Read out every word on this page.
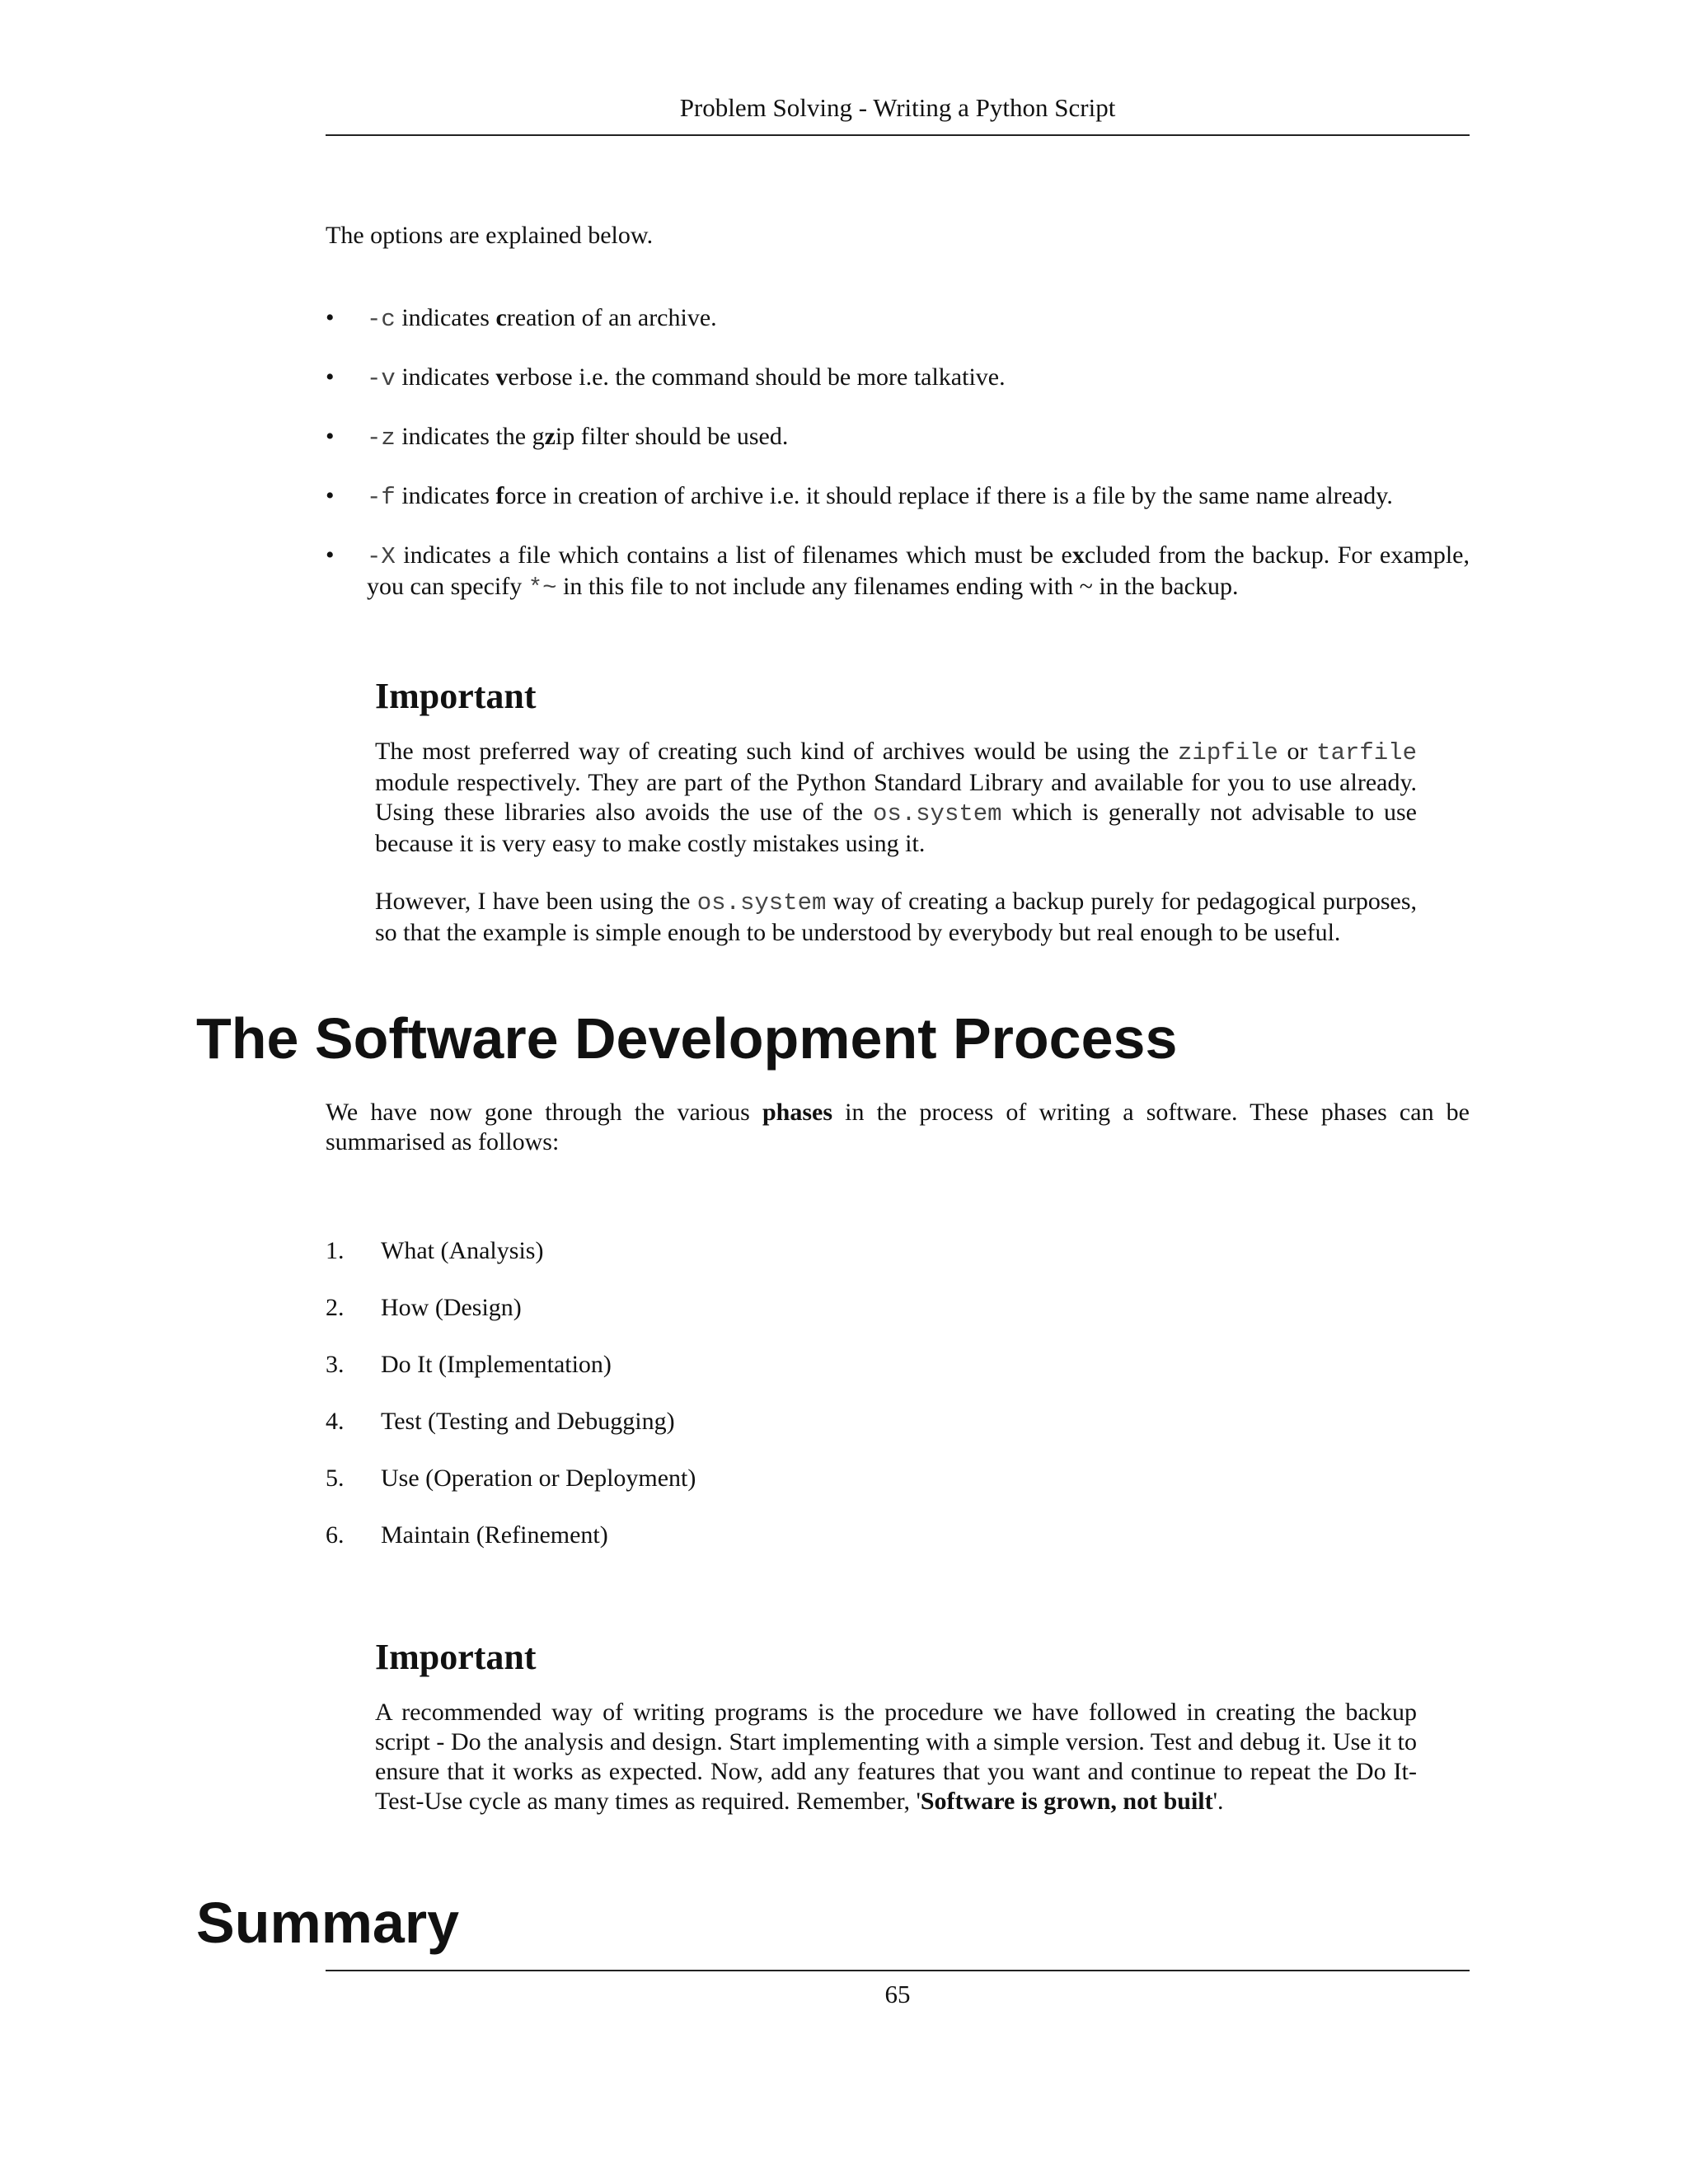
Problem Solving - Writing a Python Script
The options are explained below.
• -c indicates creation of an archive.
• -v indicates verbose i.e. the command should be more talkative.
• -z indicates the gzip filter should be used.
• -f indicates force in creation of archive i.e. it should replace if there is a file by the same name already.
• -X indicates a file which contains a list of filenames which must be excluded from the backup. For example, you can specify *~ in this file to not include any filenames ending with ~ in the backup.
Important

The most preferred way of creating such kind of archives would be using the zipfile or tarfile module respectively. They are part of the Python Standard Library and available for you to use already. Using these libraries also avoids the use of the os.system which is generally not advisable to use because it is very easy to make costly mistakes using it.

However, I have been using the os.system way of creating a backup purely for pedagogical purposes, so that the example is simple enough to be understood by everybody but real enough to be useful.

The Software Development Process
We have now gone through the various phases in the process of writing a software. These phases can be summarised as follows:
1. What (Analysis)
2. How (Design)
3. Do It (Implementation)
4. Test (Testing and Debugging)
5. Use (Operation or Deployment)
6. Maintain (Refinement)
Important

A recommended way of writing programs is the procedure we have followed in creating the backup script - Do the analysis and design. Start implementing with a simple version. Test and debug it. Use it to ensure that it works as expected. Now, add any features that you want and continue to repeat the Do It-Test-Use cycle as many times as required. Remember, 'Software is grown, not built'.

Summary
65
